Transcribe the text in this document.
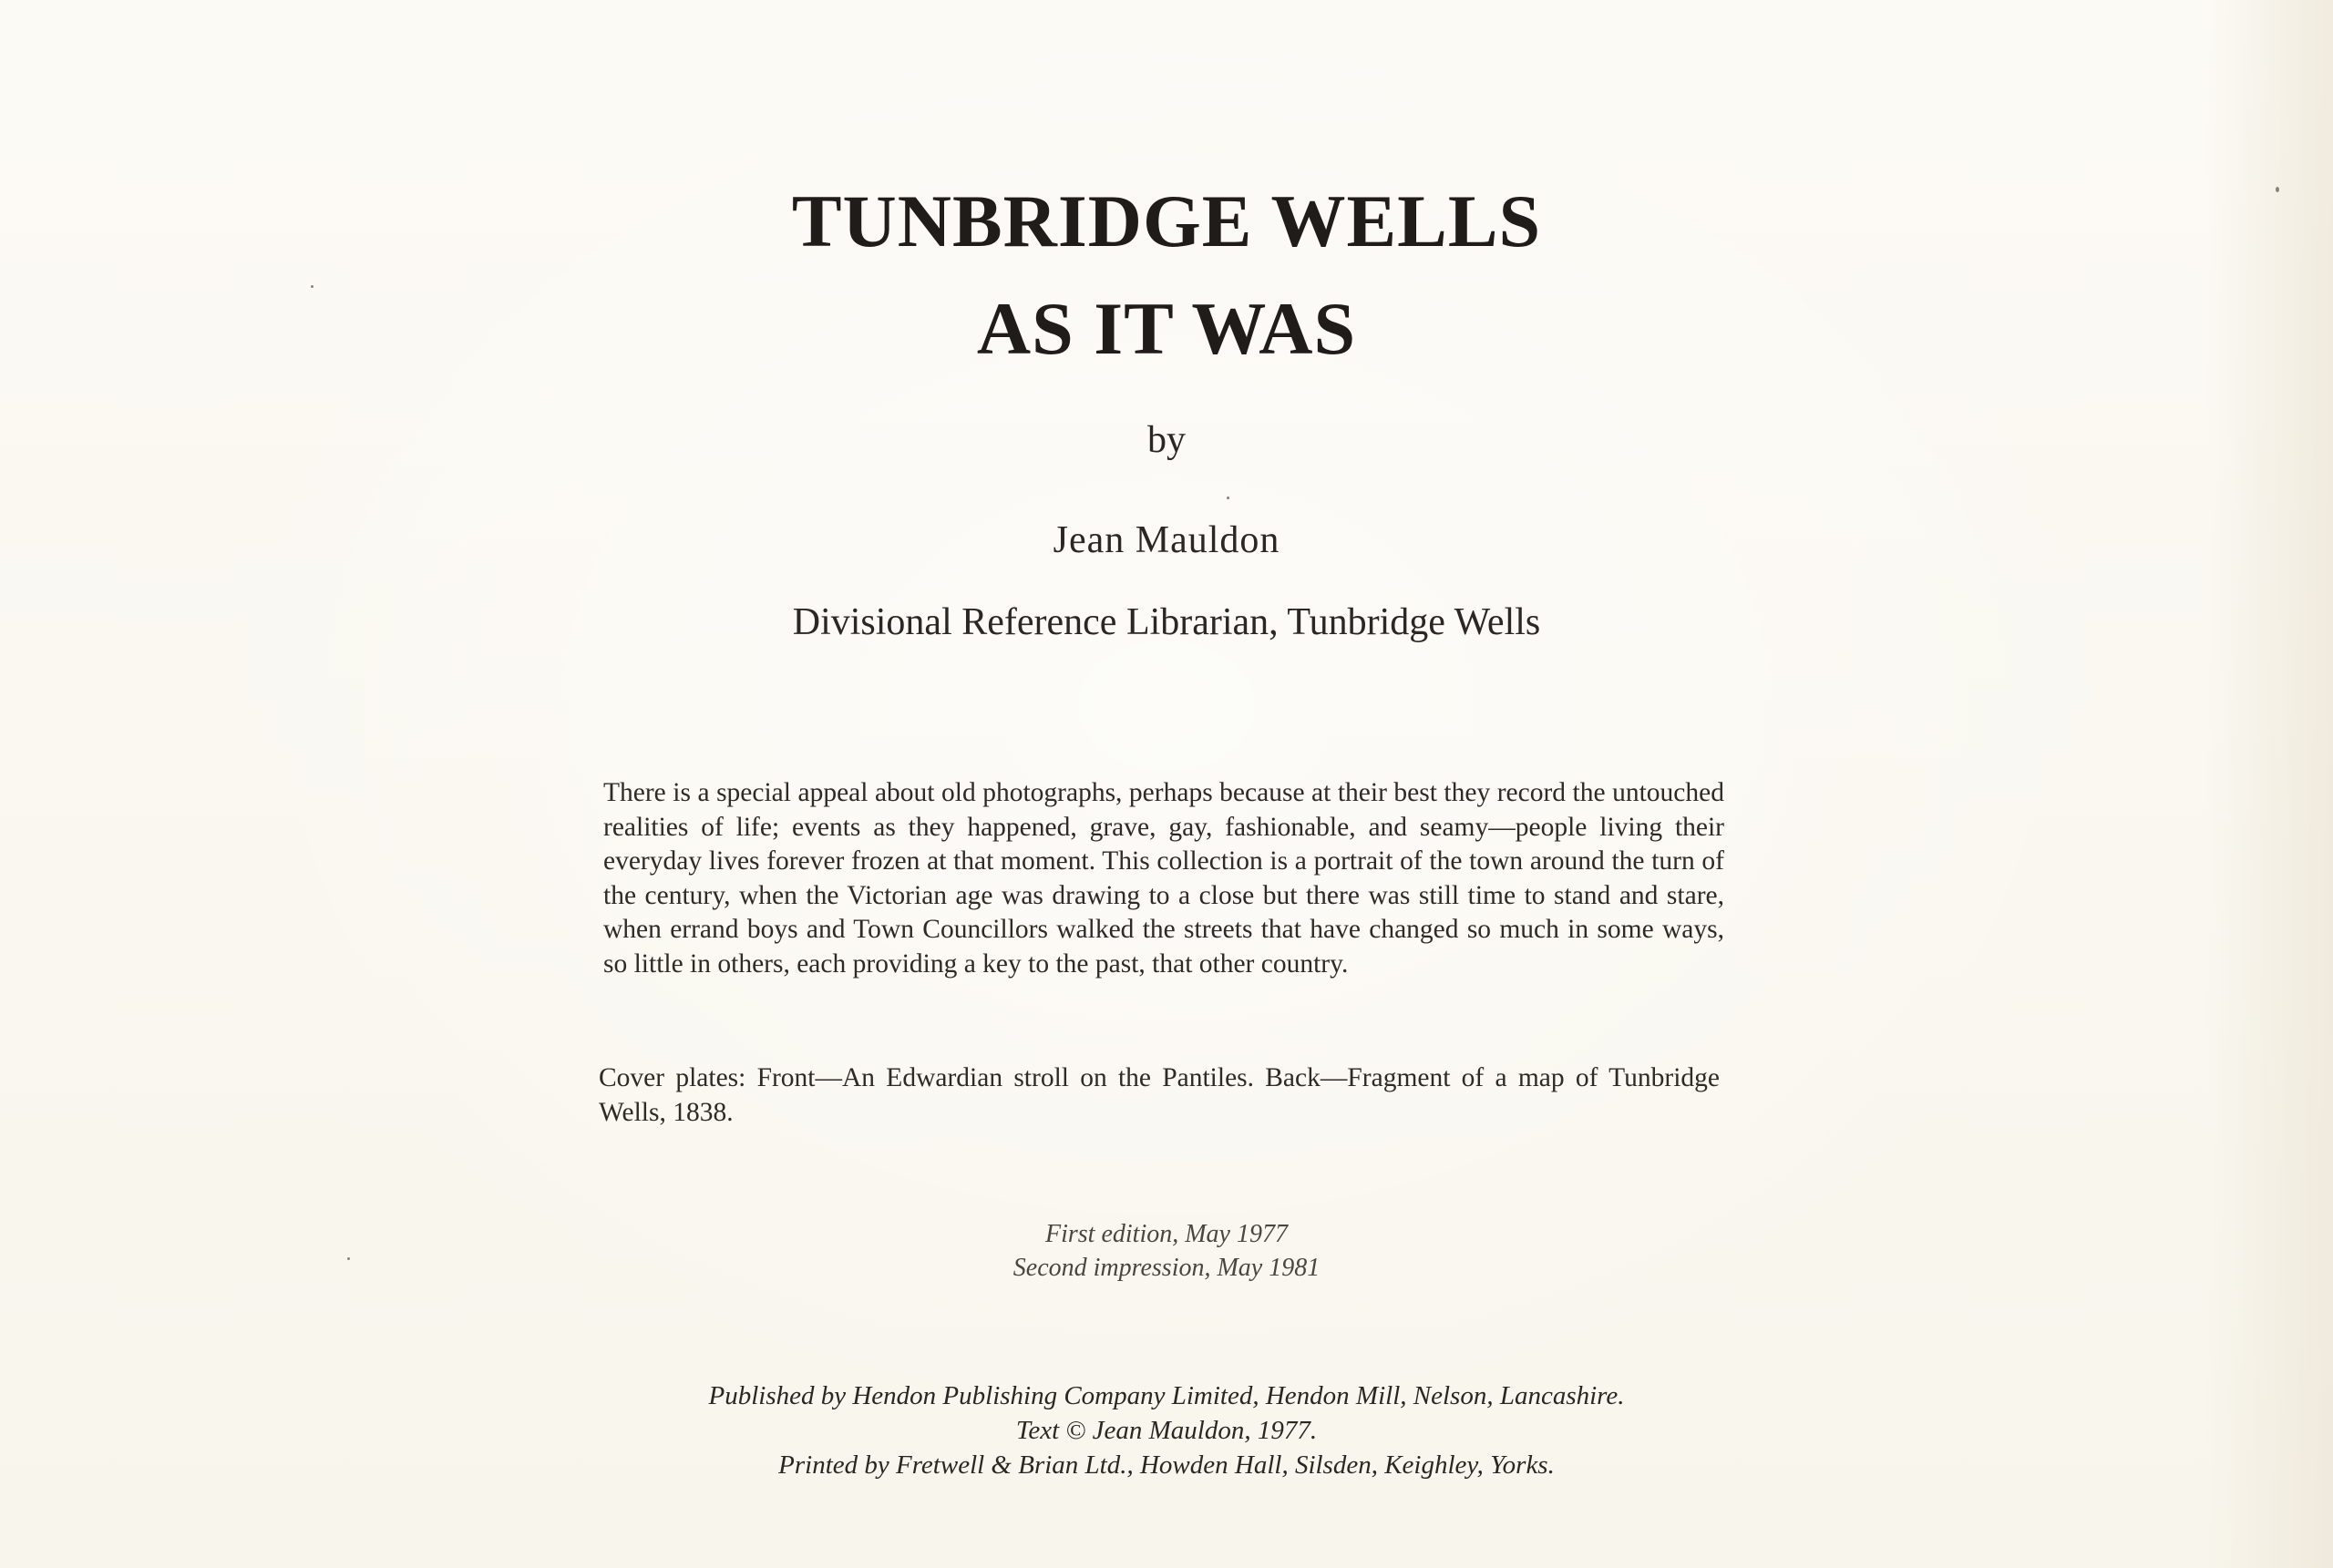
TUNBRIDGE WELLS
AS IT WAS
by
Jean Mauldon
Divisional Reference Librarian, Tunbridge Wells

There is a special appeal about old photographs, perhaps because at their best they record the untouched realities of life; events as they happened, grave, gay, fashionable, and seamy—people living their everyday lives forever frozen at that moment. This collection is a portrait of the town around the turn of the century, when the Victorian age was drawing to a close but there was still time to stand and stare, when errand boys and Town Councillors walked the streets that have changed so much in some ways, so little in others, each providing a key to the past, that other country.

Cover plates: Front—An Edwardian stroll on the Pantiles. Back—Fragment of a map of Tunbridge Wells, 1838.

First edition, May 1977
Second impression, May 1981
Published by Hendon Publishing Company Limited, Hendon Mill, Nelson, Lancashire.
Text © Jean Mauldon, 1977.
Printed by Fretwell & Brian Ltd., Howden Hall, Silsden, Keighley, Yorks.
